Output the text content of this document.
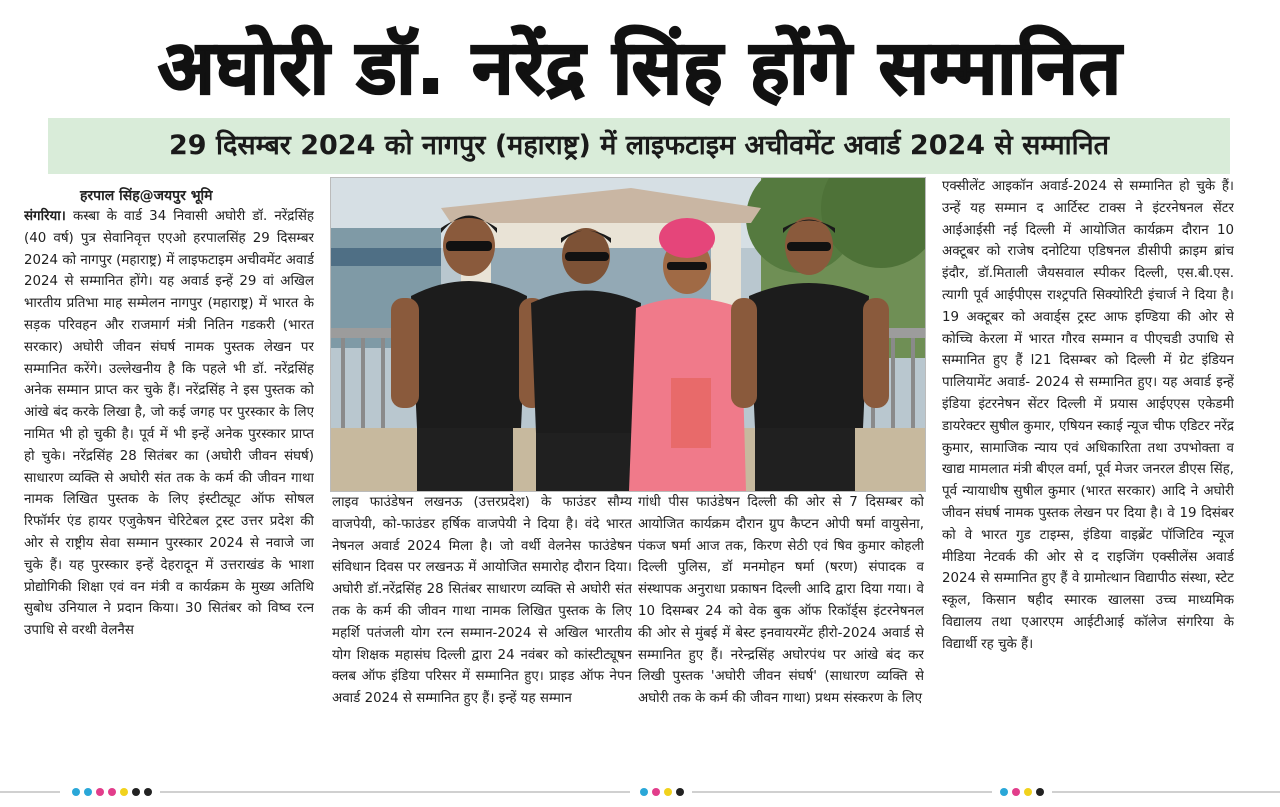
अघोरी डॉ. नरेंद्र सिंह होंगे सम्मानित
29 दिसम्बर 2024 को नागपुर (महाराष्ट्र) में लाइफटाइम अचीवमेंट अवार्ड 2024 से सम्मानित
हरपाल सिंह@जयपुर भूमि
संगरिया। कस्बा के वार्ड 34 निवासी अघोरी डॉ. नरेंद्रसिंह (40 वर्ष) पुत्र सेवानिवृत्त एएओ हरपालसिंह 29 दिसम्बर 2024 को नागपुर (महाराष्ट्र) में लाइफटाइम अचीवमेंट अवार्ड 2024 से सम्मानित होंगे। यह अवार्ड इन्हें 29 वां अखिल भारतीय प्रतिभा माह सम्मेलन नागपुर (महाराष्ट्र) में भारत के सड़क परिवहन और राजमार्ग मंत्री नितिन गडकरी (भारत सरकार) अघोरी जीवन संघर्ष नामक पुस्तक लेखन पर सम्मानित करेंगे। उल्लेखनीय है कि पहले भी डॉ. नरेंद्रसिंह अनेक सम्मान प्राप्त कर चुके हैं। नरेंद्रसिंह ने इस पुस्तक को आंखे बंद करके लिखा है, जो कई जगह पर पुरस्कार के लिए नामित भी हो चुकी है। पूर्व में भी इन्हें अनेक पुरस्कार प्राप्त हो चुके। नरेंद्रसिंह 28 सितंबर का (अघोरी जीवन संघर्ष) साधारण व्यक्ति से अघोरी संत तक के कर्म की जीवन गाथा नामक लिखित पुस्तक के लिए इंस्टीट्यूट ऑफ सोषल रिफॉर्मर एंड हायर एजुकेषन चेरिटेबल ट्रस्ट उत्तर प्रदेश की ओर से राष्ट्रीय सेवा सम्मान पुरस्कार 2024 से नवाजे जा चुके हैं। यह पुरस्कार इन्हें देहरादून में उत्तराखंड के भाशा प्रोद्योगिकी शिक्षा एवं वन मंत्री व कार्यक्रम के मुख्य अतिथि सुबोध उनियाल ने प्रदान किया। 30 सितंबर को विष्व रत्न उपाधि से वरथी वेलनैस
लाइव फाउंडेषन लखनऊ (उत्तरप्रदेश) के फाउंडर सौम्य वाजपेयी, को-फाउंडर हर्षिक वाजपेयी ने दिया है। वंदे भारत नेषनल अवार्ड 2024 मिला है। जो वर्थी वेलनेस फाउंडेषन संविधान दिवस पर लखनऊ में आयोजित समारोह दौरान दिया। अघोरी डॉ.नरेंद्रसिंह 28 सितंबर साधारण व्यक्ति से अघोरी संत तक के कर्म की जीवन गाथा नामक लिखित पुस्तक के लिए महर्शि पतंजली योग रत्न सम्मान-2024 से अखिल भारतीय योग शिक्षक महासंघ दिल्ली द्वारा 24 नवंबर को कांस्टीट्यूषन क्लब ऑफ इंडिया परिसर में सम्मानित हुए। प्राइड ऑफ नेपन अवार्ड 2024 से सम्मानित हुए हैं। इन्हें यह सम्मान
गांधी पीस फाउंडेषन दिल्ली की ओर से 7 दिसम्बर को आयोजित कार्यक्रम दौरान ग्रुप कैप्टन ओपी षर्मा वायुसेना, पंकज षर्मा आज तक, किरण सेठी एवं षिव कुमार कोहली दिल्ली पुलिस, डॉ मनमोहन षर्मा (षरण) संपादक व संस्थापक अनुराधा प्रकाषन दिल्ली आदि द्वारा दिया गया। वे 10 दिसम्बर 24 को वेक बुक ऑफ रिकॉर्ड्स इंटरनेषनल की ओर से मुंबई में बेस्ट इनवायरमेंट हीरो-2024 अवार्ड से सम्मानित हुए हैं। नरेन्द्रसिंह अघोरपंथ पर आंखे बंद कर लिखी पुस्तक 'अघोरी जीवन संघर्ष' (साधारण व्यक्ति से अघोरी तक के कर्म की जीवन गाथा) प्रथम संस्करण के लिए
एक्सीलेंट आइकॉन अवार्ड-2024 से सम्मानित हो चुके हैं। उन्हें यह सम्मान द आर्टिस्ट टाक्स ने इंटरनेषनल सेंटर आईआईसी नई दिल्ली में आयोजित कार्यक्रम दौरान 10 अक्टूबर को राजेष दनोटिया एडिषनल डीसीपी क्राइम ब्रांच इंदौर, डॉ.मिताली जैयसवाल स्पीकर दिल्ली, एस.बी.एस. त्यागी पूर्व आईपीएस राश्ट्रपति सिक्योरिटी इंचार्ज ने दिया है। 19 अक्टूबर को अवार्ड्स ट्रस्ट आफ इण्डिया की ओर से कोच्चि केरला में भारत गौरव सम्मान व पीएचडी उपाधि से सम्मानित हुए हैं l21 दिसम्बर को दिल्ली में ग्रेट इंडियन पालियामेंट अवार्ड- 2024 से सम्मानित हुए। यह अवार्ड इन्हें इंडिया इंटरनेषन सेंटर दिल्ली में प्रयास आईएएस एकेडमी डायरेक्टर सुषील कुमार, एषियन स्काई न्यूज चीफ एडिटर नरेंद्र कुमार, सामाजिक न्याय एवं अधिकारिता तथा उपभोक्ता व खाद्य मामलात मंत्री बीएल वर्मा, पूर्व मेजर जनरल डीएस सिंह, पूर्व न्यायाधीष सुषील कुमार (भारत सरकार) आदि ने अघोरी जीवन संघर्ष नामक पुस्तक लेखन पर दिया है। वे 19 दिसंबर को वे भारत गुड टाइम्स, इंडिया वाइब्रेंट पॉजिटिव न्यूज मीडिया नेटवर्क की ओर से द राइजिंग एक्सीलेंस अवार्ड 2024 से सम्मानित हुए हैं वे ग्रामोत्थान विद्यापीठ संस्था, स्टेट स्कूल, किसान षहीद स्मारक खालसा उच्च माध्यमिक विद्यालय तथा एआरएम आईटीआई कॉलेज संगरिया के विद्यार्थी रह चुके हैं।
